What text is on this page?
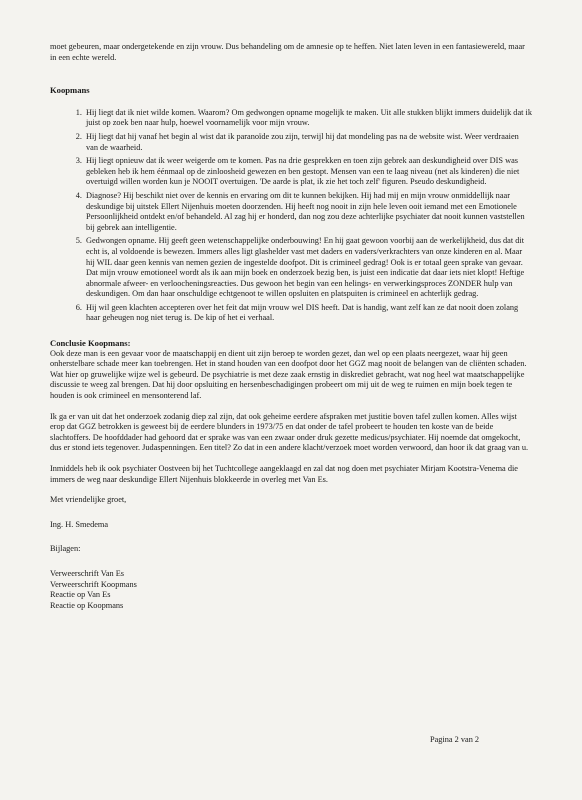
moet gebeuren, maar ondergetekende en zijn vrouw. Dus behandeling om de amnesie op te heffen. Niet laten leven in een fantasiewereld, maar in een echte wereld.

Koopmans
1. Hij liegt dat ik niet wilde komen. Waarom? Om gedwongen opname mogelijk te maken. Uit alle stukken blijkt immers duidelijk dat ik juist op zoek ben naar hulp, hoewel voornamelijk voor mijn vrouw.
2. Hij liegt dat hij vanaf het begin al wist dat ik paranoïde zou zijn, terwijl hij dat mondeling pas na de website wist. Weer verdraaien van de waarheid.
3. Hij liegt opnieuw dat ik weer weigerde om te komen. Pas na drie gesprekken en toen zijn gebrek aan deskundigheid over DIS was gebleken heb ik hem éénmaal op de zinloosheid gewezen en ben gestopt. Mensen van een te laag niveau (net als kinderen) die niet overtuigd willen worden kun je NOOIT overtuigen. 'De aarde is plat, ik zie het toch zelf' figuren. Pseudo deskundigheid.
4. Diagnose? Hij beschikt niet over de kennis en ervaring om dit te kunnen bekijken. Hij had mij en mijn vrouw onmiddellijk naar deskundige bij uitstek Ellert Nijenhuis moeten doorzenden. Hij heeft nog nooit in zijn hele leven ooit iemand met een Emotionele Persoonlijkheid ontdekt en/of behandeld. Al zag hij er honderd, dan nog zou deze achterlijke psychiater dat nooit kunnen vaststellen bij gebrek aan intelligentie.
5. Gedwongen opname. Hij geeft geen wetenschappelijke onderbouwing! En hij gaat gewoon voorbij aan de werkelijkheid, dus dat dit echt is, al voldoende is bewezen. Immers alles ligt glashelder vast met daders en vaders/verkrachters van onze kinderen en al. Maar hij WIL daar geen kennis van nemen gezien de ingestelde doofpot. Dit is crimineel gedrag! Ook is er totaal geen sprake van gevaar. Dat mijn vrouw emotioneel wordt als ik aan mijn boek en onderzoek bezig ben, is juist een indicatie dat daar iets niet klopt! Heftige abnormale afweer- en verloocheningsreacties. Dus gewoon het begin van een helings- en verwerkingsproces ZONDER hulp van deskundigen. Om dan haar onschuldige echtgenoot te willen opsluiten en platspuiten is crimineel en achterlijk gedrag.
6. Hij wil geen klachten accepteren over het feit dat mijn vrouw wel DIS heeft. Dat is handig, want zelf kan ze dat nooit doen zolang haar geheugen nog niet terug is. De kip of het ei verhaal.
Conclusie Koopmans:

Ook deze man is een gevaar voor de maatschappij en dient uit zijn beroep te worden gezet, dan wel op een plaats neergezet, waar hij geen onherstelbare schade meer kan toebrengen. Het in stand houden van een doofpot door het GGZ mag nooit de belangen van de cliënten schaden. Wat hier op gruwelijke wijze wel is gebeurd. De psychiatrie is met deze zaak ernstig in diskrediet gebracht, wat nog heel wat maatschappelijke discussie te weeg zal brengen. Dat hij door opsluiting en hersenbeschadigingen probeert om mij uit de weg te ruimen en mijn boek tegen te houden is ook crimineel en mensonterend laf.

Ik ga er van uit dat het onderzoek zodanig diep zal zijn, dat ook geheime eerdere afspraken met justitie boven tafel zullen komen. Alles wijst erop dat GGZ betrokken is geweest bij de eerdere blunders in 1973/75 en dat onder de tafel probeert te houden ten koste van de beide slachtoffers. De hoofddader had gehoord dat er sprake was van een zwaar onder druk gezette medicus/psychiater. Hij noemde dat omgekocht, dus er stond iets tegenover. Judaspenningen. Een titel? Zo dat in een andere klacht/verzoek moet worden verwoord, dan hoor ik dat graag van u.

Inmiddels heb ik ook psychiater Oostveen bij het Tuchtcollege aangeklaagd en zal dat nog doen met psychiater Mirjam Kootstra-Venema die immers de weg naar deskundige Ellert Nijenhuis blokkeerde in overleg met Van Es.

Met vriendelijke groet,

Ing. H. Smedema

Bijlagen:

Verweerschrift Van Es

Verweerschrift Koopmans

Reactie op Van Es

Reactie op Koopmans

Pagina 2 van 2
